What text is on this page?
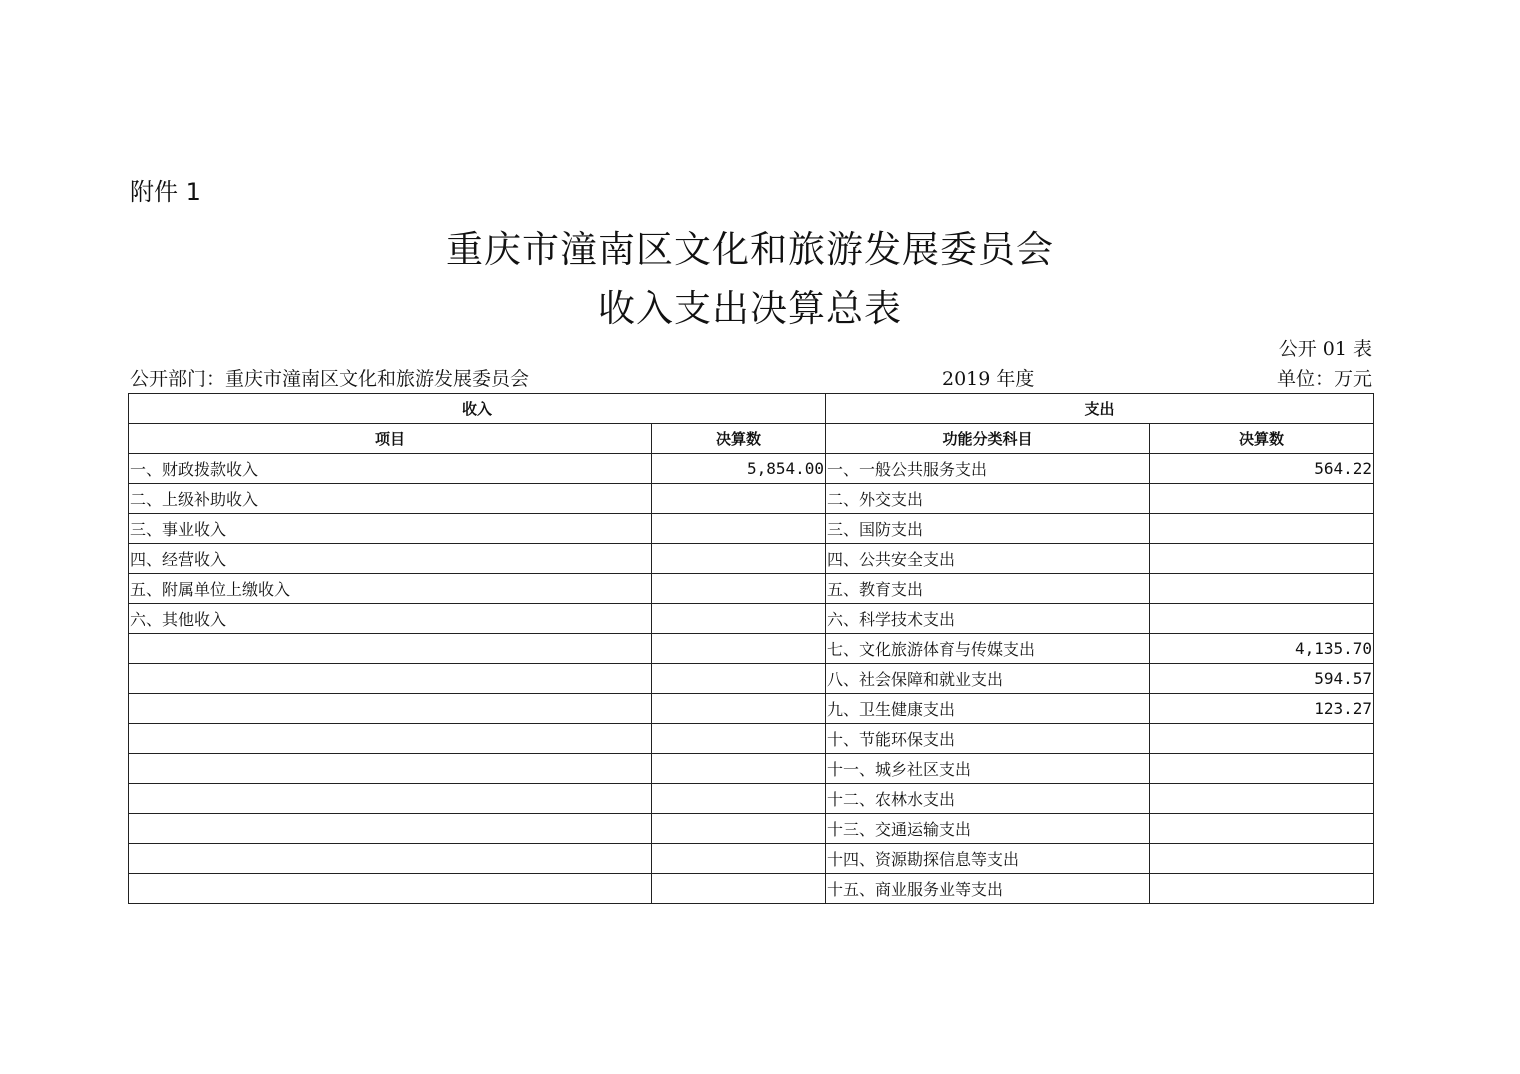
附件 1
重庆市潼南区文化和旅游发展委员会
收入支出决算总表
公开 01 表
公开部门：重庆市潼南区文化和旅游发展委员会	2019 年度	单位：万元
收入		支出	
项目	决算数	功能分类科目	决算数
一、财政拨款收入	5,854.00	一、一般公共服务支出	564.22
二、上级补助收入		二、外交支出	
三、事业收入		三、国防支出	
四、经营收入		四、公共安全支出	
五、附属单位上缴收入		五、教育支出	
六、其他收入		六、科学技术支出	
		七、文化旅游体育与传媒支出	4,135.70
		八、社会保障和就业支出	594.57
		九、卫生健康支出	123.27
		十、节能环保支出	
		十一、城乡社区支出	
		十二、农林水支出	
		十三、交通运输支出	
		十四、资源勘探信息等支出	
		十五、商业服务业等支出	
